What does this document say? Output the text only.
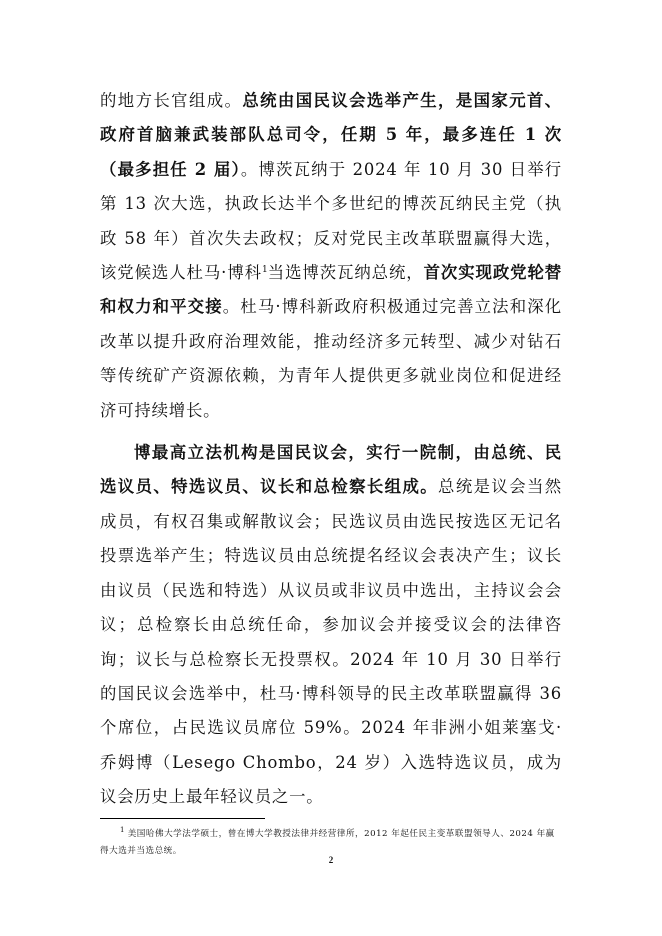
的地方长官组成。总统由国民议会选举产生，是国家元首、政府首脑兼武装部队总司令，任期 5 年，最多连任 1 次（最多担任 2 届）。博茨瓦纳于 2024 年 10 月 30 日举行第 13 次大选，执政长达半个多世纪的博茨瓦纳民主党（执政 58 年）首次失去政权；反对党民主改革联盟赢得大选，该党候选人杜马·博科$^1$当选博茨瓦纳总统，首次实现政党轮替和权力和平交接。杜马·博科新政府积极通过完善立法和深化改革以提升政府治理效能，推动经济多元转型、减少对钻石等传统矿产资源依赖，为青年人提供更多就业岗位和促进经济可持续增长。

博最高立法机构是国民议会，实行一院制，由总统、民选议员、特选议员、议长和总检察长组成。总统是议会当然成员，有权召集或解散议会；民选议员由选民按选区无记名投票选举产生；特选议员由总统提名经议会表决产生；议长由议员（民选和特选）从议员或非议员中选出，主持议会会议；总检察长由总统任命，参加议会并接受议会的法律咨询；议长与总检察长无投票权。2024 年 10 月 30 日举行的国民议会选举中，杜马·博科领导的民主改革联盟赢得 36 个席位，占民选议员席位 59%。2024 年非洲小姐莱塞戈·乔姆博（Lesego Chombo，24 岁）入选特选议员，成为议会历史上最年轻议员之一。

$^1$ 美国哈佛大学法学硕士，曾在博大学教授法律并经营律所，2012 年起任民主变革联盟领导人、2024 年赢得大选并当选总统。
2
